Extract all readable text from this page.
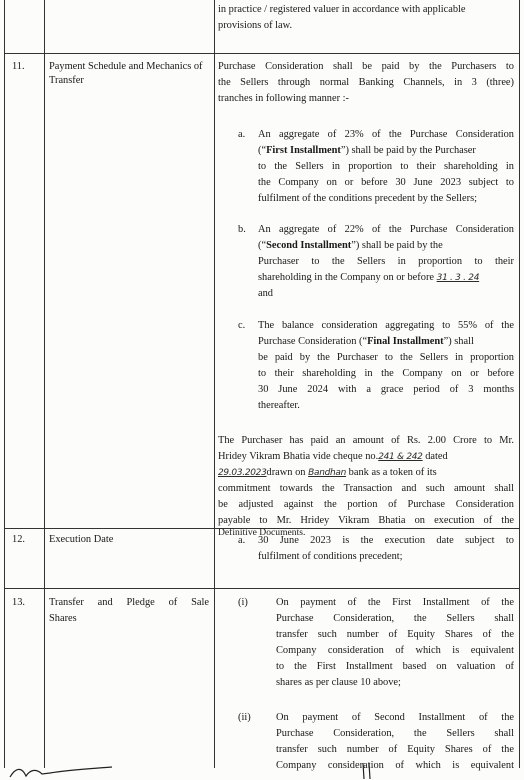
in practice / registered valuer in accordance with applicable

provisions of law.

11. Payment Schedule and Mechanics of
Transfer

Purchase Consideration shall be paid by the Purchasers to

the Sellers through normal Banking Channels, in 3 (three)

tranches in following manner :-

a. An aggregate of 23% of the Purchase Consideration

(“First Installment”) shall be paid by the Purchaser

to the Sellers in proportion to their shareholding in

the Company on or before 30 June 2023 subject to

fulfilment of the conditions precedent by the Sellers;

b. An aggregate of 22% of the Purchase Consideration

(“Second Installment”) shall be paid by the

Purchaser to the Sellers in proportion to their

shareholding in the Company on or before 31 . 3 . 24

and

c. The balance consideration aggregating to 55% of the

Purchase Consideration (“Final Installment”) shall

be paid by the Purchaser to the Sellers in proportion

to their shareholding in the Company on or before

30 June 2024 with a grace period of 3 months

thereafter.

The Purchaser has paid an amount of Rs. 2.00 Crore to Mr.

Hridey Vikram Bhatia vide cheque no.241 & 242 dated

29.03.2023drawn on Bandhan bank as a token of its

commitment towards the Transaction and such amount shall

be adjusted against the portion of Purchase Consideration

payable to Mr. Hridey Vikram Bhatia on execution of the

Definitive Documents.

12. Execution Date	a. 30 June 2023 is the execution date subject to

fulfilment of conditions precedent;

13. Transfer and Pledge of Sale

Shares
(i)	On payment of the First Installment of the

Purchase Consideration, the Sellers shall

transfer such number of Equity Shares of the

Company consideration of which is equivalent

to the First Installment based on valuation of

shares as per clause 10 above;

(ii) On payment of Second Installment of the

Purchase Consideration, the Sellers shall

transfer such number of Equity Shares of the

Company consideration of which is equivalent
